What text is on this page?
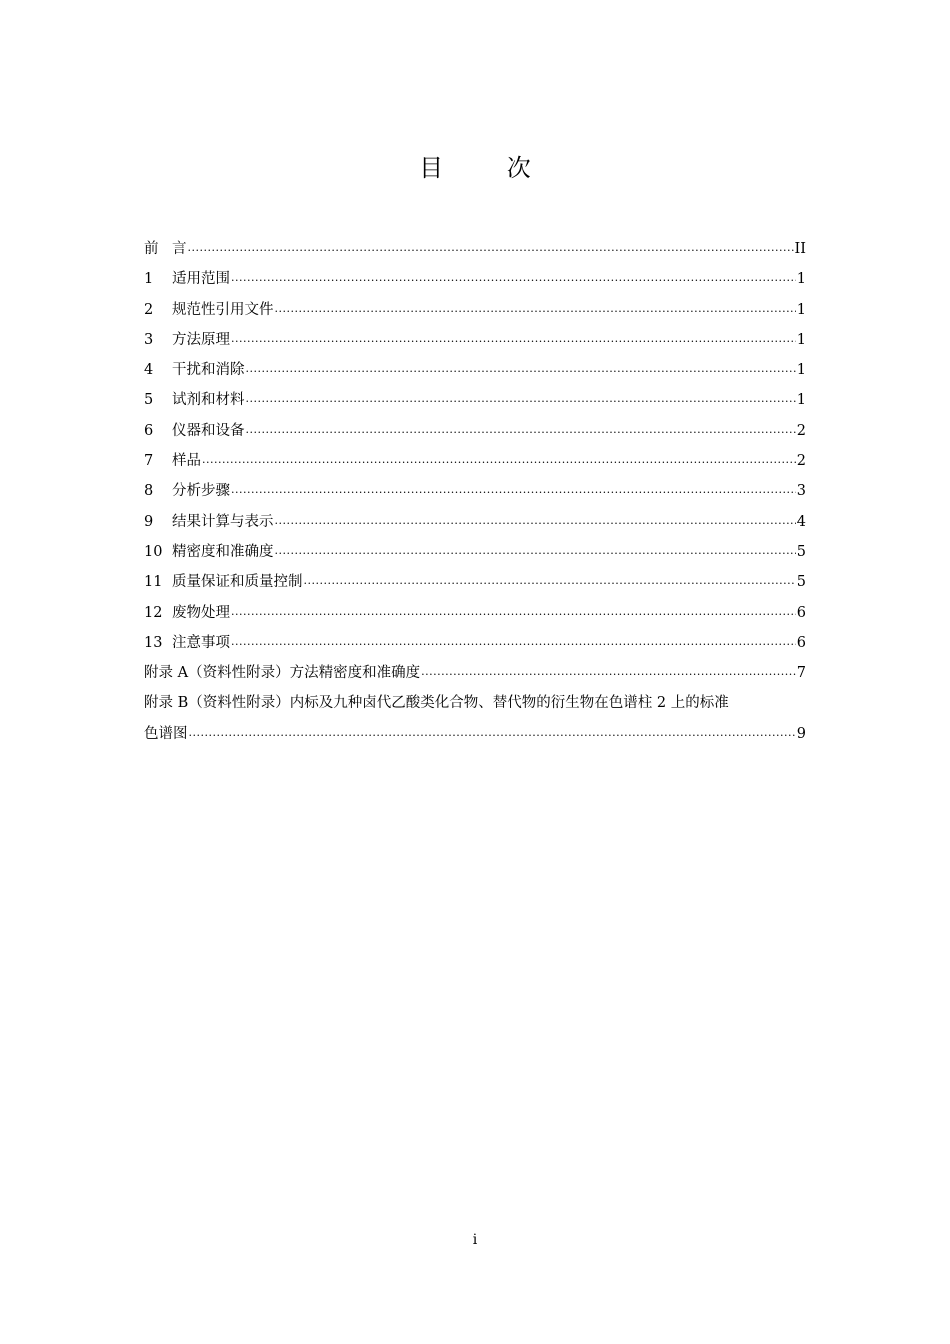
目 次
前 言 .....	II
1	适用范围 .....	1
2	规范性引用文件 .....	1
3	方法原理 .....	1
4	干扰和消除 .....	1
5	试剂和材料 .....	1
6	仪器和设备 .....	2
7	样品 .....	2
8	分析步骤 .....	3
9	结果计算与表示 .....	4
10 精密度和准确度 .....	5
11 质量保证和质量控制 .....	5
12 废物处理 .....	6
13 注意事项 .....	6
附录 A（资料性附录）方法精密度和准确度 .....	7
附录 B（资料性附录）内标及九种卤代乙酸类化合物、替代物的衍生物在色谱柱 2 上的标准
色谱图 .....	9
i
